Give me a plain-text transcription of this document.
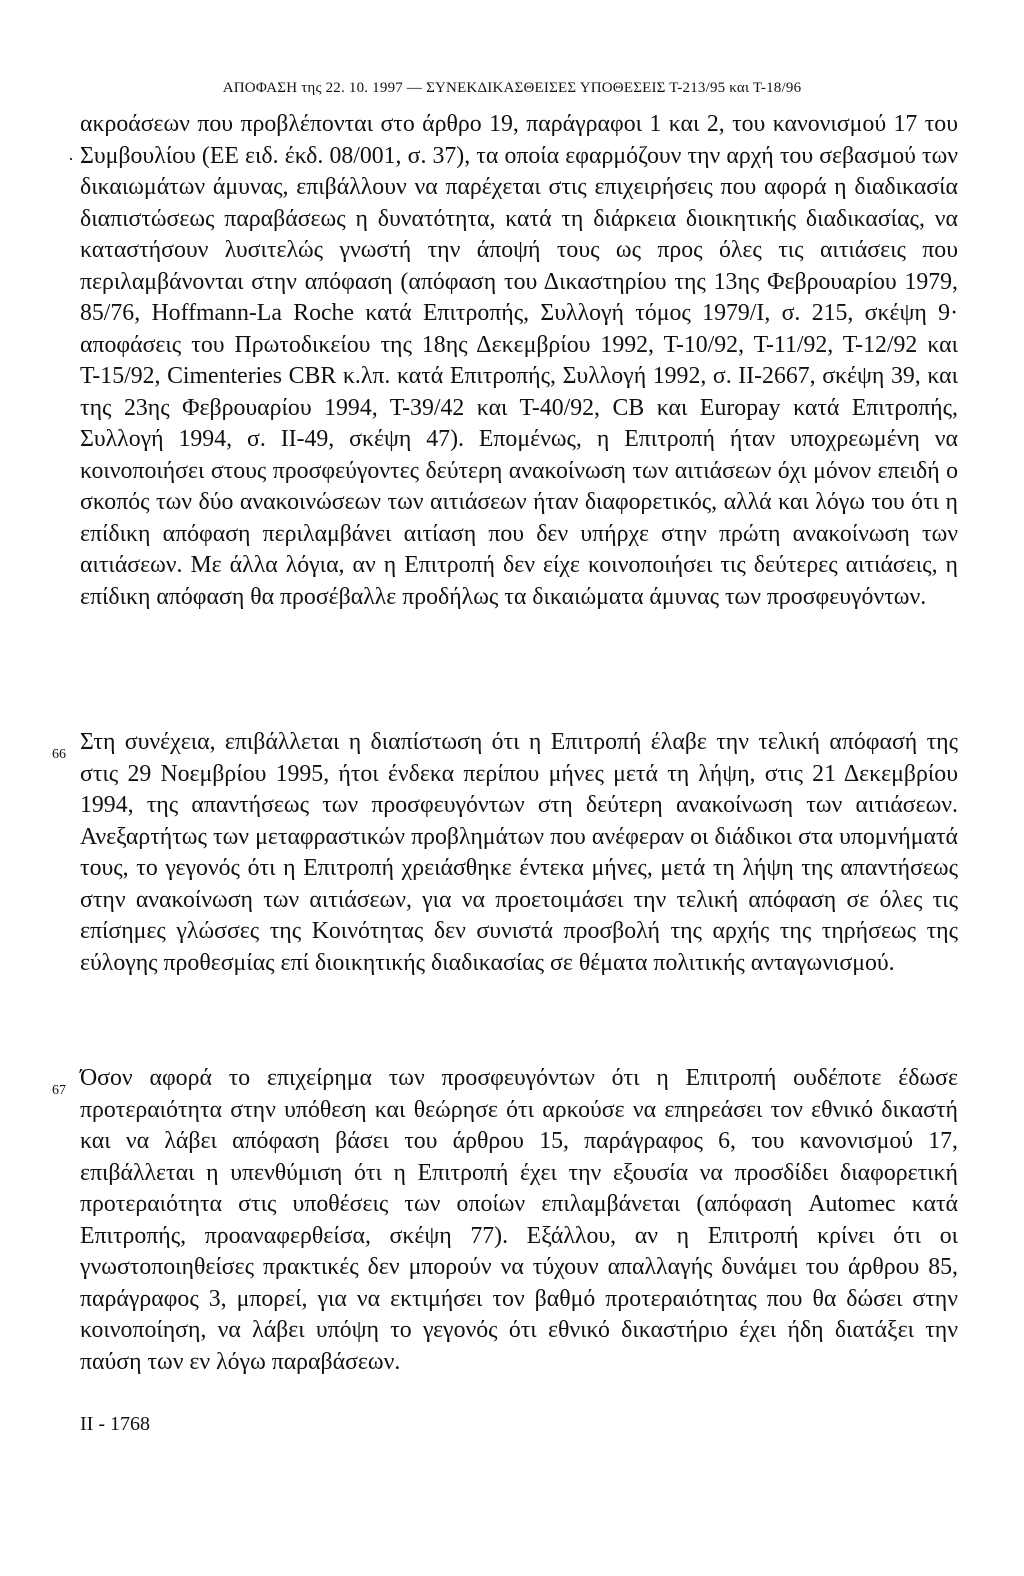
ΑΠΟΦΑΣΗ της 22. 10. 1997 — ΣΥΝΕΚΔΙΚΑΣΘΕΙΣΕΣ ΥΠΟΘΕΣΕΙΣ Τ-213/95 και Τ-18/96
·
ακροάσεων που προβλέπονται στο άρθρο 19, παράγραφοι 1 και 2, του κανονισμού 17 του Συμβουλίου (ΕΕ ειδ. έκδ. 08/001, σ. 37), τα οποία εφαρμόζουν την αρχή του σεβασμού των δικαιωμάτων άμυνας, επιβάλλουν να παρέχεται στις επιχειρήσεις που αφορά η διαδικασία διαπιστώσεως παραβάσεως η δυνατότητα, κατά τη διάρκεια διοικητικής διαδικασίας, να καταστήσουν λυσιτελώς γνωστή την άποψή τους ως προς όλες τις αιτιάσεις που περιλαμβάνονται στην απόφαση (απόφαση του Δικαστηρίου της 13ης Φεβρουαρίου 1979, 85/76, Hoffmann-La Roche κατά Επιτροπής, Συλλογή τόμος 1979/I, σ. 215, σκέψη 9· αποφάσεις του Πρωτοδικείου της 18ης Δεκεμβρίου 1992, Τ-10/92, Τ-11/92, Τ-12/92 και Τ-15/92, Cimenteries CBR κ.λπ. κατά Επιτροπής, Συλλογή 1992, σ. II-2667, σκέψη 39, και της 23ης Φεβρουαρίου 1994, Τ-39/42 και Τ-40/92, CB και Europay κατά Επιτροπής, Συλλογή 1994, σ. II-49, σκέψη 47). Επομένως, η Επιτροπή ήταν υποχρεωμένη να κοινοποιήσει στους προσφεύγοντες δεύτερη ανακοίνωση των αιτιάσεων όχι μόνον επειδή ο σκοπός των δύο ανακοινώσεων των αιτιάσεων ήταν διαφορετικός, αλλά και λόγω του ότι η επίδικη απόφαση περιλαμβάνει αιτίαση που δεν υπήρχε στην πρώτη ανακοίνωση των αιτιάσεων. Με άλλα λόγια, αν η Επιτροπή δεν είχε κοινοποιήσει τις δεύτερες αιτιάσεις, η επίδικη απόφαση θα προσέβαλλε προδήλως τα δικαιώματα άμυνας των προσφευγόντων.
66 Στη συνέχεια, επιβάλλεται η διαπίστωση ότι η Επιτροπή έλαβε την τελική απόφασή της στις 29 Νοεμβρίου 1995, ήτοι ένδεκα περίπου μήνες μετά τη λήψη, στις 21 Δεκεμβρίου 1994, της απαντήσεως των προσφευγόντων στη δεύτερη ανακοίνωση των αιτιάσεων. Ανεξαρτήτως των μεταφραστικών προβλημάτων που ανέφεραν οι διάδικοι στα υπομνήματά τους, το γεγονός ότι η Επιτροπή χρειάσθηκε έντεκα μήνες, μετά τη λήψη της απαντήσεως στην ανακοίνωση των αιτιάσεων, για να προετοιμάσει την τελική απόφαση σε όλες τις επίσημες γλώσσες της Κοινότητας δεν συνιστά προσβολή της αρχής της τηρήσεως της εύλογης προθεσμίας επί διοικητικής διαδικασίας σε θέματα πολιτικής ανταγωνισμού.
67 Όσον αφορά το επιχείρημα των προσφευγόντων ότι η Επιτροπή ουδέποτε έδωσε προτεραιότητα στην υπόθεση και θεώρησε ότι αρκούσε να επηρεάσει τον εθνικό δικαστή και να λάβει απόφαση βάσει του άρθρου 15, παράγραφος 6, του κανονισμού 17, επιβάλλεται η υπενθύμιση ότι η Επιτροπή έχει την εξουσία να προσδίδει διαφορετική προτεραιότητα στις υποθέσεις των οποίων επιλαμβάνεται (απόφαση Automec κατά Επιτροπής, προαναφερθείσα, σκέψη 77). Εξάλλου, αν η Επιτροπή κρίνει ότι οι γνωστοποιηθείσες πρακτικές δεν μπορούν να τύχουν απαλλαγής δυνάμει του άρθρου 85, παράγραφος 3, μπορεί, για να εκτιμήσει τον βαθμό προτεραιότητας που θα δώσει στην κοινοποίηση, να λάβει υπόψη το γεγονός ότι εθνικό δικαστήριο έχει ήδη διατάξει την παύση των εν λόγω παραβάσεων.
II - 1768
